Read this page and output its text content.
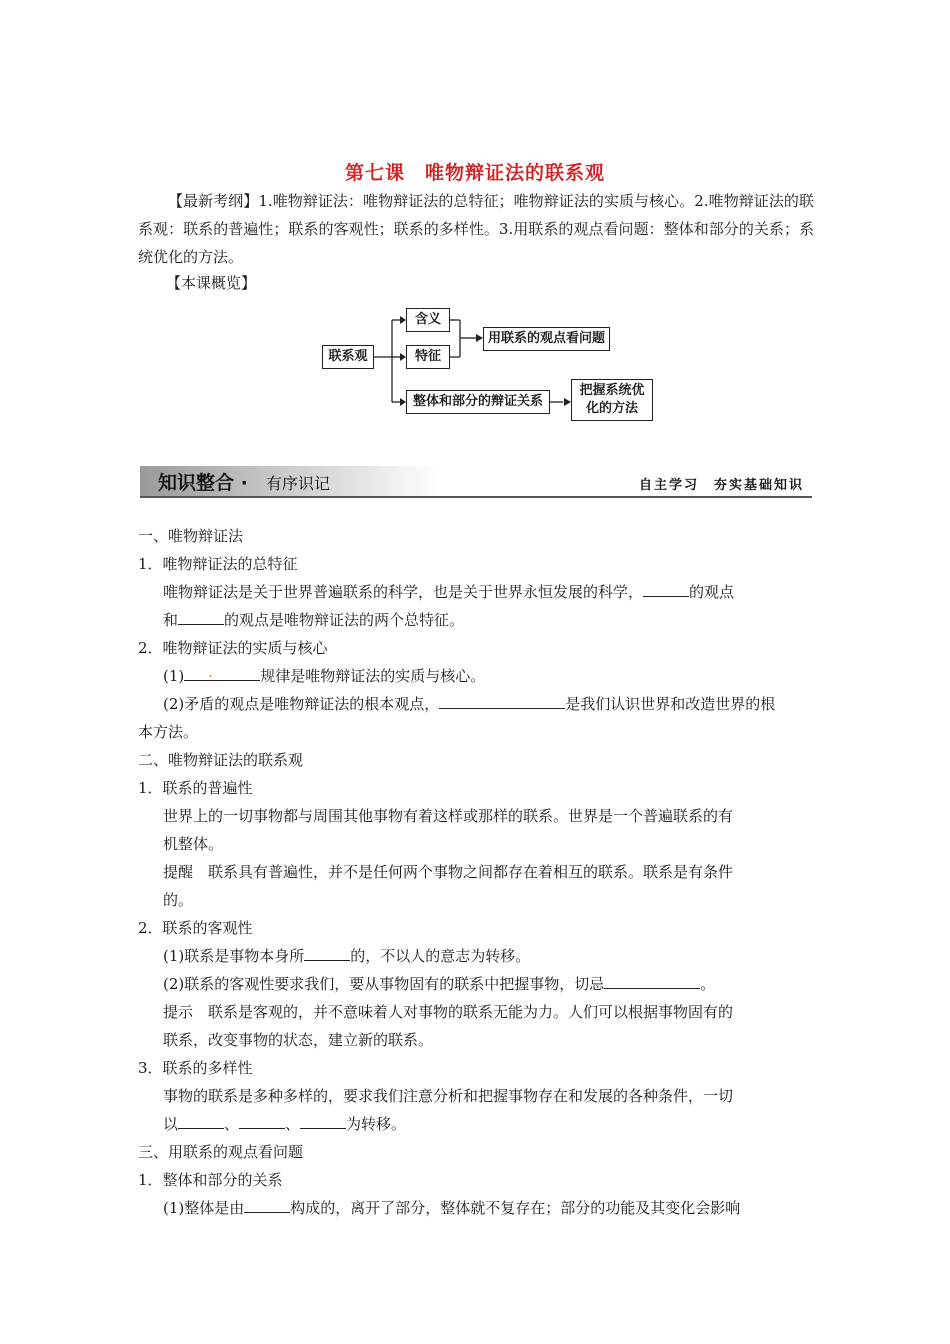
第七课 唯物辩证法的联系观
【最新考纲】1.唯物辩证法：唯物辩证法的总特征；唯物辩证法的实质与核心。2.唯物辩证法的联系观：联系的普遍性；联系的客观性；联系的多样性。3.用联系的观点看问题：整体和部分的关系；系统优化的方法。
【本课概览】
联系观
含义
特征
用联系的观点看问题
整体和部分的辩证关系
把握系统优
化的方法
知识整合 · 有序识记	自主学习　夯实基础知识
一、唯物辩证法
1．唯物辩证法的总特征
唯物辩证法是关于世界普遍联系的科学，也是关于世界永恒发展的科学，	的观点
和	的观点是唯物辩证法的两个总特征。
2．唯物辩证法的实质与核心
(1) .	规律是唯物辩证法的实质与核心。
(2)矛盾的观点是唯物辩证法的根本观点，	是我们认识世界和改造世界的根
本方法。
二、唯物辩证法的联系观
1．联系的普遍性
世界上的一切事物都与周围其他事物有着这样或那样的联系。世界是一个普遍联系的有
机整体。
提醒　联系具有普遍性，并不是任何两个事物之间都存在着相互的联系。联系是有条件
的。
2．联系的客观性
(1)联系是事物本身所	的，不以人的意志为转移。
(2)联系的客观性要求我们，要从事物固有的联系中把握事物，切忌	。
提示　联系是客观的，并不意味着人对事物的联系无能为力。人们可以根据事物固有的
联系，改变事物的状态，建立新的联系。
3．联系的多样性
事物的联系是多种多样的，要求我们注意分析和把握事物存在和发展的各种条件，一切
以	、	、	为转移。
三、用联系的观点看问题
1．整体和部分的关系
(1)整体是由	构成的，离开了部分，整体就不复存在；部分的功能及其变化会影响
